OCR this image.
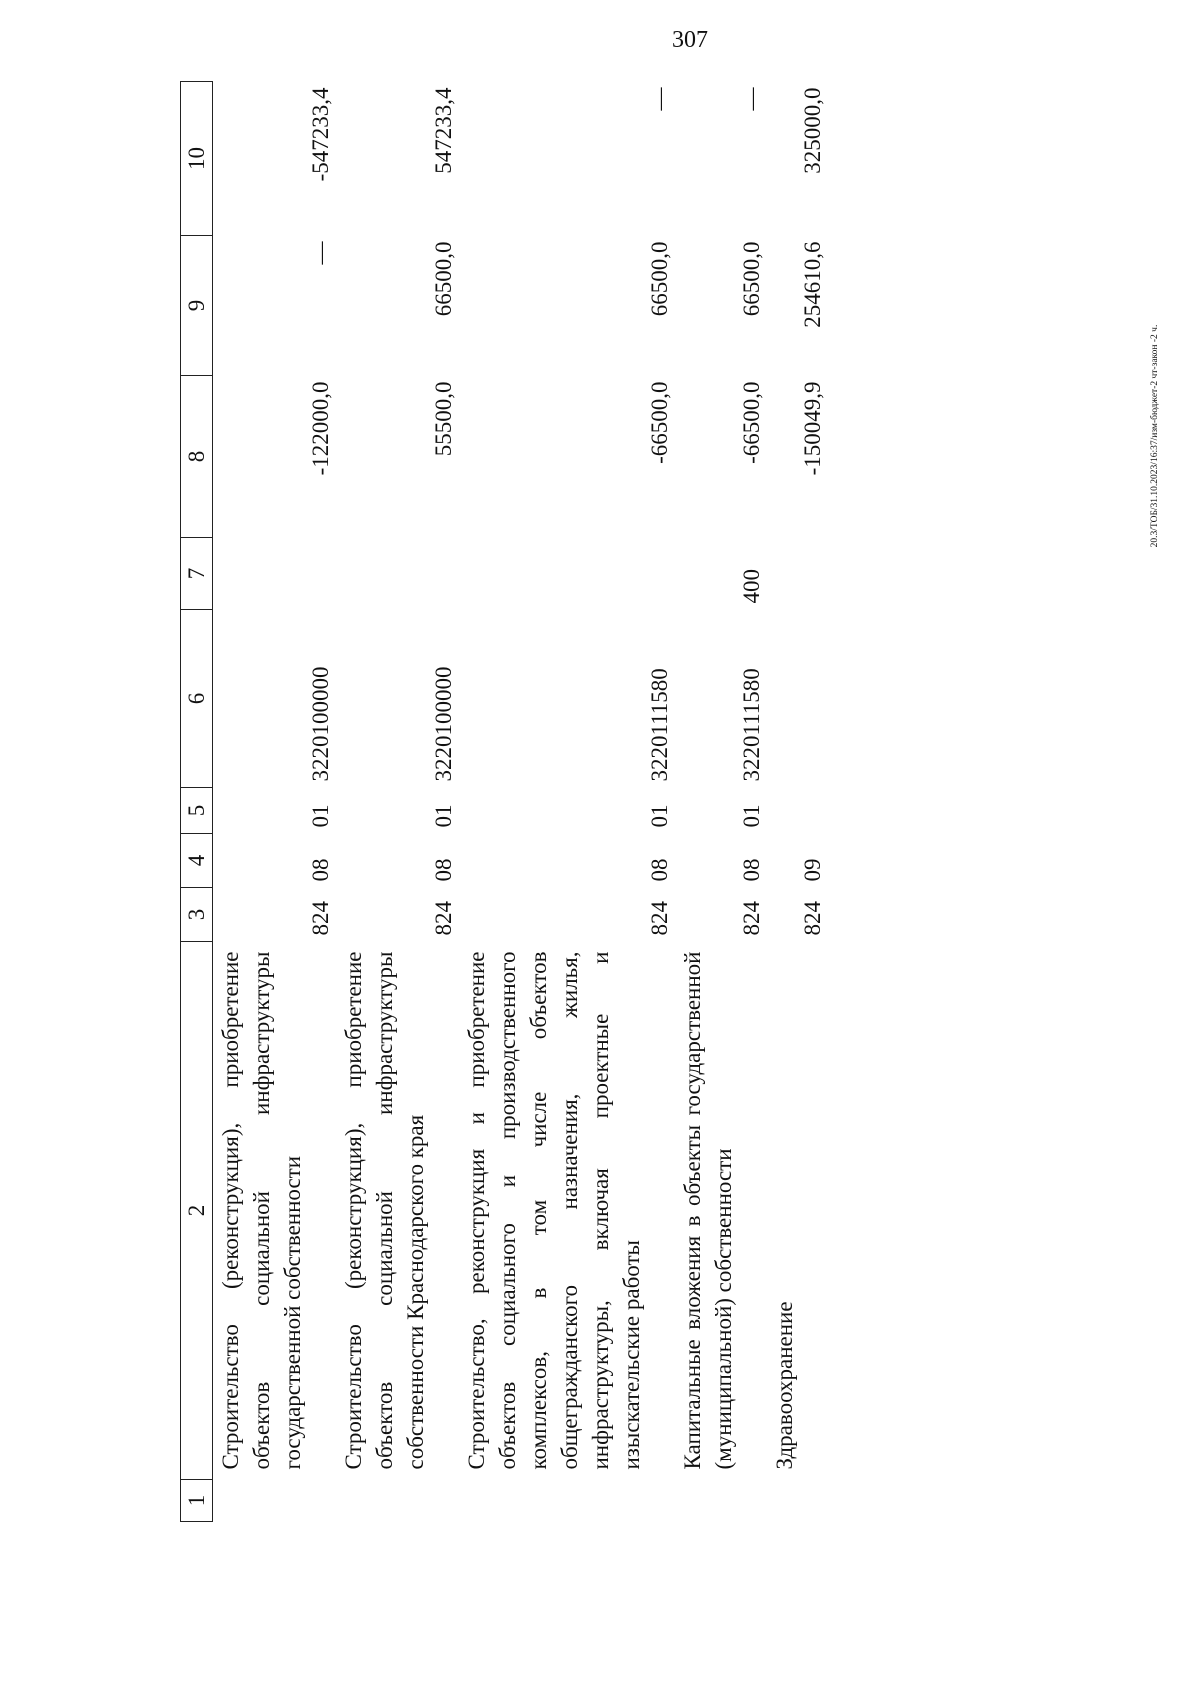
307
20.3/ТОБ/31.10.2023/16:37/изм-бюджет-2 чт-закон -2 ч.
1	2	3	4	5	6	7	8	9	10
	Строительство (реконструкция), приобретение объектов социальной инфраструктуры государственной собственности	824	08	01	3220100000		-122000,0	—	-547233,4
	Строительство (реконструкция), приобретение объектов социальной инфраструктуры собственности Краснодарского края	824	08	01	3220100000		55500,0	66500,0	547233,4
	Строительство, реконструкция и приобретение объектов социального и производственного комплексов, в том числе объектов общегражданского назначения, жилья, инфраструктуры, включая проектные и изыскательские работы	824	08	01	3220111580		-66500,0	66500,0	—
	Капитальные вложения в объекты государственной (муниципальной) собственности	824	08	01	3220111580	400	-66500,0	66500,0	—
	Здравоохранение	824	09				-150049,9	254610,6	325000,0
